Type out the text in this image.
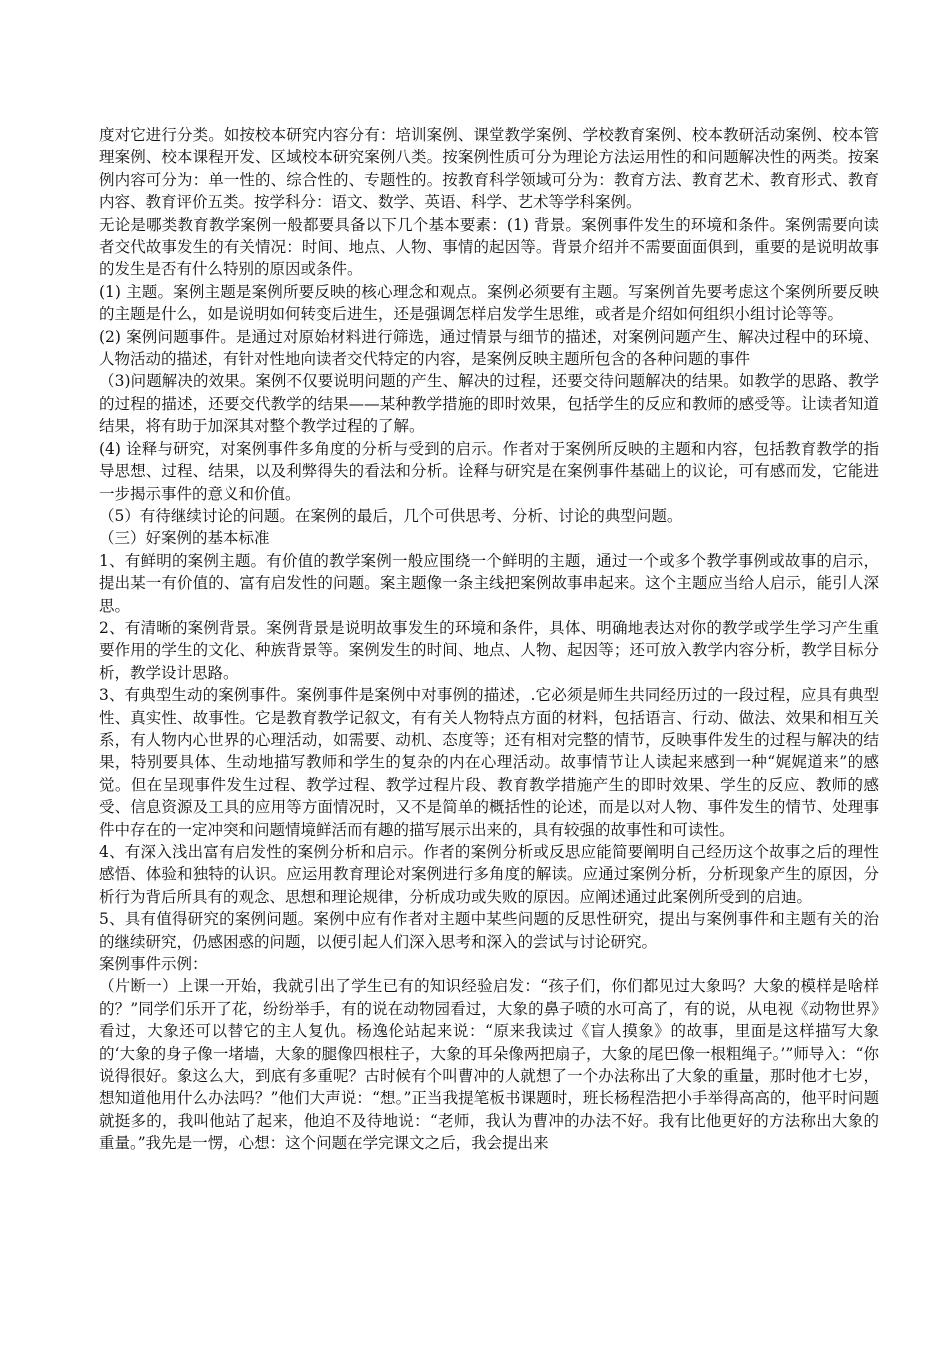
度对它进行分类。如按校本研究内容分有：培训案例、课堂教学案例、学校教育案例、校本教研活动案例、校本管理案例、校本课程开发、区域校本研究案例八类。按案例性质可分为理论方法运用性的和问题解决性的两类。按案例内容可分为：单一性的、综合性的、专题性的。按教育科学领域可分为：教育方法、教育艺术、教育形式、教育内容、教育评价五类。按学科分：语文、数学、英语、科学、艺术等学科案例。

无论是哪类教育教学案例一般都要具备以下几个基本要素：(1) 背景。案例事件发生的环境和条件。案例需要向读者交代故事发生的有关情况：时间、地点、人物、事情的起因等。背景介绍并不需要面面俱到，重要的是说明故事的发生是否有什么特别的原因或条件。

(1) 主题。案例主题是案例所要反映的核心理念和观点。案例必须要有主题。写案例首先要考虑这个案例所要反映的主题是什么，如是说明如何转变后进生，还是强调怎样启发学生思维，或者是介绍如何组织小组讨论等等。

(2) 案例问题事件。是通过对原始材料进行筛选，通过情景与细节的描述，对案例问题产生、解决过程中的环境、人物活动的描述，有针对性地向读者交代特定的内容，是案例反映主题所包含的各种问题的事件

（3)问题解决的效果。案例不仅要说明问题的产生、解决的过程，还要交待问题解决的结果。如教学的思路、教学的过程的描述，还要交代教学的结果——某种教学措施的即时效果，包括学生的反应和教师的感受等。让读者知道结果，将有助于加深其对整个教学过程的了解。

(4) 诠释与研究，对案例事件多角度的分析与受到的启示。作者对于案例所反映的主题和内容，包括教育教学的指导思想、过程、结果，以及利弊得失的看法和分析。诠释与研究是在案例事件基础上的议论，可有感而发，它能进一步揭示事件的意义和价值。

（5）有待继续讨论的问题。在案例的最后，几个可供思考、分析、讨论的典型问题。

（三）好案例的基本标准

1、有鲜明的案例主题。有价值的教学案例一般应围绕一个鲜明的主题，通过一个或多个教学事例或故事的启示，提出某一有价值的、富有启发性的问题。案主题像一条主线把案例故事串起来。这个主题应当给人启示，能引人深思。

2、有清晰的案例背景。案例背景是说明故事发生的环境和条件，具体、明确地表达对你的教学或学生学习产生重要作用的学生的文化、种族背景等。案例发生的时间、地点、人物、起因等；还可放入教学内容分析，教学目标分析，教学设计思路。

3、有典型生动的案例事件。案例事件是案例中对事例的描述，.它必须是师生共同经历过的一段过程，应具有典型性、真实性、故事性。它是教育教学记叙文，有有关人物特点方面的材料，包括语言、行动、做法、效果和相互关系，有人物内心世界的心理活动，如需要、动机、态度等；还有相对完整的情节，反映事件发生的过程与解决的结果，特别要具体、生动地描写教师和学生的复杂的内在心理活动。故事情节让人读起来感到一种“娓娓道来”的感觉。但在呈现事件发生过程、教学过程、教学过程片段、教育教学措施产生的即时效果、学生的反应、教师的感受、信息资源及工具的应用等方面情况时，又不是简单的概括性的论述，而是以对人物、事件发生的情节、处理事件中存在的一定冲突和问题情境鲜活而有趣的描写展示出来的，具有较强的故事性和可读性。

4、有深入浅出富有启发性的案例分析和启示。作者的案例分析或反思应能简要阐明自己经历这个故事之后的理性感悟、体验和独特的认识。应运用教育理论对案例进行多角度的解读。应通过案例分析，分析现象产生的原因，分析行为背后所具有的观念、思想和理论规律，分析成功或失败的原因。应阐述通过此案例所受到的启迪。

5、具有值得研究的案例问题。案例中应有作者对主题中某些问题的反思性研究，提出与案例事件和主题有关的治的继续研究，仍感困惑的问题，以便引起人们深入思考和深入的尝试与讨论研究。

案例事件示例：

（片断一）上课一开始，我就引出了学生已有的知识经验启发：“孩子们，你们都见过大象吗？大象的模样是啥样的？”同学们乐开了花，纷纷举手，有的说在动物园看过，大象的鼻子喷的水可高了，有的说，从电视《动物世界》看过，大象还可以替它的主人复仇。杨逸伦站起来说：“原来我读过《盲人摸象》的故事，里面是这样描写大象的‘大象的身子像一堵墙，大象的腿像四根柱子，大象的耳朵像两把扇子，大象的尾巴像一根粗绳子。’”师导入：“你说得很好。象这么大，到底有多重呢？古时候有个叫曹冲的人就想了一个办法称出了大象的重量，那时他才七岁，想知道他用什么办法吗？”他们大声说：“想。”正当我提笔板书课题时，班长杨程浩把小手举得高高的，他平时问题就挺多的，我叫他站了起来，他迫不及待地说：“老师，我认为曹冲的办法不好。我有比他更好的方法称出大象的重量。”我先是一愣，心想：这个问题在学完课文之后，我会提出来
